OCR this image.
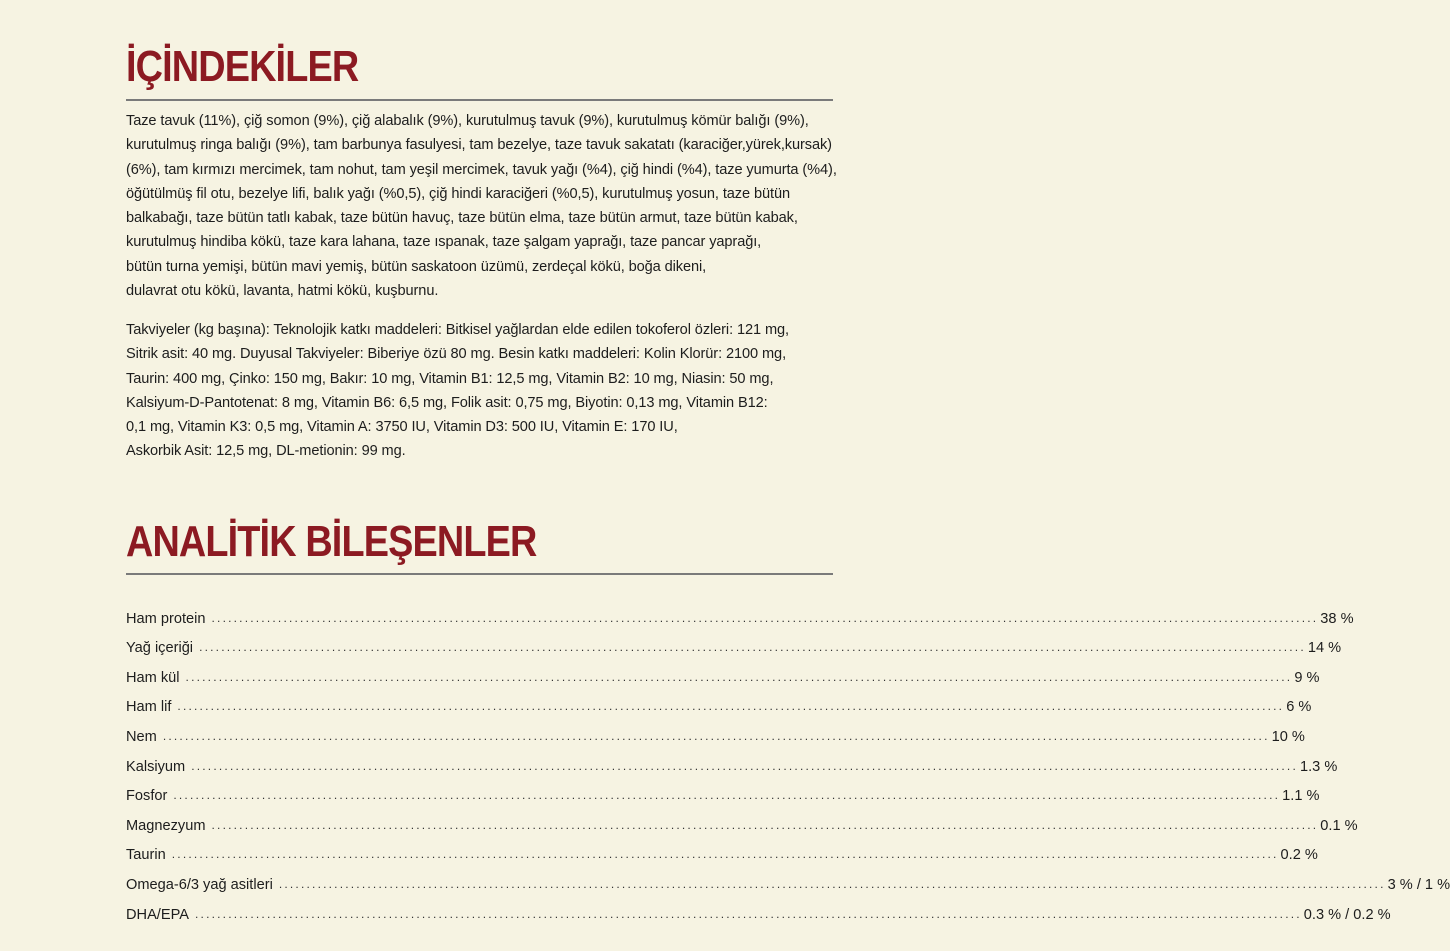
İÇİNDEKİLER
Taze tavuk (11%), çiğ somon (9%), çiğ alabalık (9%), kurutulmuş tavuk (9%), kurutulmuş kömür balığı (9%),
kurutulmuş ringa balığı (9%), tam barbunya fasulyesi, tam bezelye, taze tavuk sakatatı (karaciğer,yürek,kursak)
(6%), tam kırmızı mercimek, tam nohut, tam yeşil mercimek, tavuk yağı (%4), çiğ hindi (%4), taze yumurta (%4),
öğütülmüş fil otu, bezelye lifi, balık yağı (%0,5), çiğ hindi karaciğeri (%0,5), kurutulmuş yosun, taze bütün
balkabağı, taze bütün tatlı kabak, taze bütün havuç, taze bütün elma, taze bütün armut, taze bütün kabak,
kurutulmuş hindiba kökü, taze kara lahana, taze ıspanak, taze şalgam yaprağı, taze pancar yaprağı,
bütün turna yemişi, bütün mavi yemiş, bütün saskatoon üzümü, zerdeçal kökü, boğa dikeni,
dulavrat otu kökü, lavanta, hatmi kökü, kuşburnu.
Takviyeler (kg başına): Teknolojik katkı maddeleri: Bitkisel yağlardan elde edilen tokoferol özleri: 121 mg,
Sitrik asit: 40 mg. Duyusal Takviyeler: Biberiye özü 80 mg. Besin katkı maddeleri: Kolin Klorür: 2100 mg,
Taurin: 400 mg, Çinko: 150 mg, Bakır: 10 mg, Vitamin B1: 12,5 mg, Vitamin B2: 10 mg, Niasin: 50 mg,
Kalsiyum-D-Pantotenat: 8 mg, Vitamin B6: 6,5 mg, Folik asit: 0,75 mg, Biyotin: 0,13 mg, Vitamin B12:
0,1 mg, Vitamin K3: 0,5 mg, Vitamin A: 3750 IU, Vitamin D3: 500 IU, Vitamin E: 170 IU,
Askorbik Asit: 12,5 mg, DL-metionin: 99 mg.
ANALİTİK BİLEŞENLER
Ham protein ........................................................................................................................................................................................................ 38 %
Yağ içeriği ........................................................................................................................................................................................................ 14 %
Ham kül ........................................................................................................................................................................................................ 9 %
Ham lif ........................................................................................................................................................................................................ 6 %
Nem ........................................................................................................................................................................................................ 10 %
Kalsiyum ........................................................................................................................................................................................................ 1.3 %
Fosfor ........................................................................................................................................................................................................ 1.1 %
Magnezyum ........................................................................................................................................................................................................ 0.1 %
Taurin ........................................................................................................................................................................................................ 0.2 %
Omega-6/3 yağ asitleri ........................................................................................................................................................................................................ 3 % / 1 %
DHA/EPA ........................................................................................................................................................................................................ 0.3 % / 0.2 %
